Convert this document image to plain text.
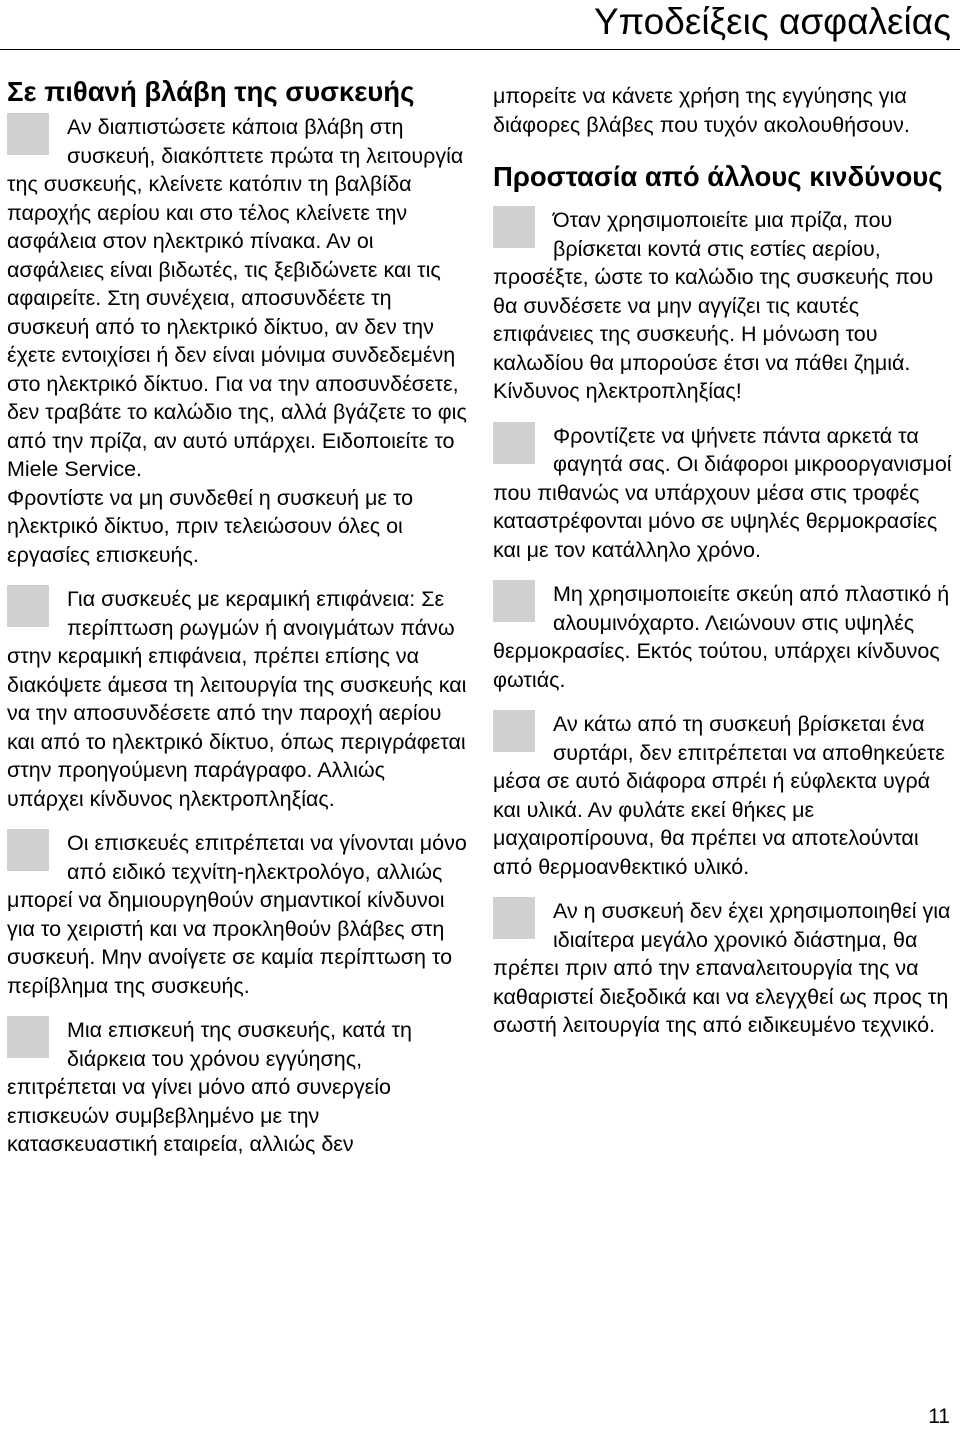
Υποδείξεις ασφαλείας
Σε πιθανή βλάβη της συσκευής
Αν διαπιστώσετε κάποια βλάβη στη συσκευή, διακόπτετε πρώτα τη λειτουργία της συσκευής, κλείνετε κατόπιν τη βαλβίδα παροχής αερίου και στο τέλος κλείνετε την ασφάλεια στον ηλεκτρικό πίνακα. Αν οι ασφάλειες είναι βιδωτές, τις ξεβιδώνετε και τις αφαιρείτε. Στη συνέχεια, αποσυνδέετε τη συσκευή από το ηλεκτρικό δίκτυο, αν δεν την έχετε εντοιχίσει ή δεν είναι μόνιμα συνδεδεμένη στο ηλεκτρικό δίκτυο. Για να την αποσυνδέσετε, δεν τραβάτε το καλώδιο της, αλλά βγάζετε το φις από την πρίζα, αν αυτό υπάρχει. Ειδοποιείτε το Miele Service.
Φροντίστε να μη συνδεθεί η συσκευή με το ηλεκτρικό δίκτυο, πριν τελειώσουν όλες οι εργασίες επισκευής.
Για συσκευές με κεραμική επιφάνεια: Σε περίπτωση ρωγμών ή ανοιγμάτων πάνω στην κεραμική επιφάνεια, πρέπει επίσης να διακόψετε άμεσα τη λειτουργία της συσκευής και να την αποσυνδέσετε από την παροχή αερίου και από το ηλεκτρικό δίκτυο, όπως περιγράφεται στην προηγούμενη παράγραφο. Αλλιώς υπάρχει κίνδυνος ηλεκτροπληξίας.
Οι επισκευές επιτρέπεται να γίνονται μόνο από ειδικό τεχνίτη-ηλεκτρολόγο, αλλιώς μπορεί να δημιουργηθούν σημαντικοί κίνδυνοι για το χειριστή και να προκληθούν βλάβες στη συσκευή. Μην ανοίγετε σε καμία περίπτωση το περίβλημα της συσκευής.
Μια επισκευή της συσκευής, κατά τη διάρκεια του χρόνου εγγύησης, επιτρέπεται να γίνει μόνο από συνεργείο επισκευών συμβεβλημένο με την κατασκευαστική εταιρεία, αλλιώς δεν
μπορείτε να κάνετε χρήση της εγγύησης για διάφορες βλάβες που τυχόν ακολουθήσουν.
Προστασία από άλλους κινδύνους
Όταν χρησιμοποιείτε μια πρίζα, που βρίσκεται κοντά στις εστίες αερίου, προσέξτε, ώστε το καλώδιο της συσκευής που θα συνδέσετε να μην αγγίζει τις καυτές επιφάνειες της συσκευής. Η μόνωση του καλωδίου θα μπορούσε έτσι να πάθει ζημιά. Κίνδυνος ηλεκτροπληξίας!
Φροντίζετε να ψήνετε πάντα αρκετά τα φαγητά σας. Οι διάφοροι μικροοργανισμοί που πιθανώς να υπάρχουν μέσα στις τροφές καταστρέφονται μόνο σε υψηλές θερμοκρασίες και με τον κατάλληλο χρόνο.
Μη χρησιμοποιείτε σκεύη από πλαστικό ή αλουμινόχαρτο. Λειώνουν στις υψηλές θερμοκρασίες. Εκτός τούτου, υπάρχει κίνδυνος φωτιάς.
Αν κάτω από τη συσκευή βρίσκεται ένα συρτάρι, δεν επιτρέπεται να αποθηκεύετε μέσα σε αυτό διάφορα σπρέι ή εύφλεκτα υγρά και υλικά. Αν φυλάτε εκεί θήκες με μαχαιροπίρουνα, θα πρέπει να αποτελούνται από θερμοανθεκτικό υλικό.
Αν η συσκευή δεν έχει χρησιμοποιηθεί για ιδιαίτερα μεγάλο χρονικό διάστημα, θα πρέπει πριν από την επαναλειτουργία της να καθαριστεί διεξοδικά και να ελεγχθεί ως προς τη σωστή λειτουργία της από ειδικευμένο τεχνικό.
11
